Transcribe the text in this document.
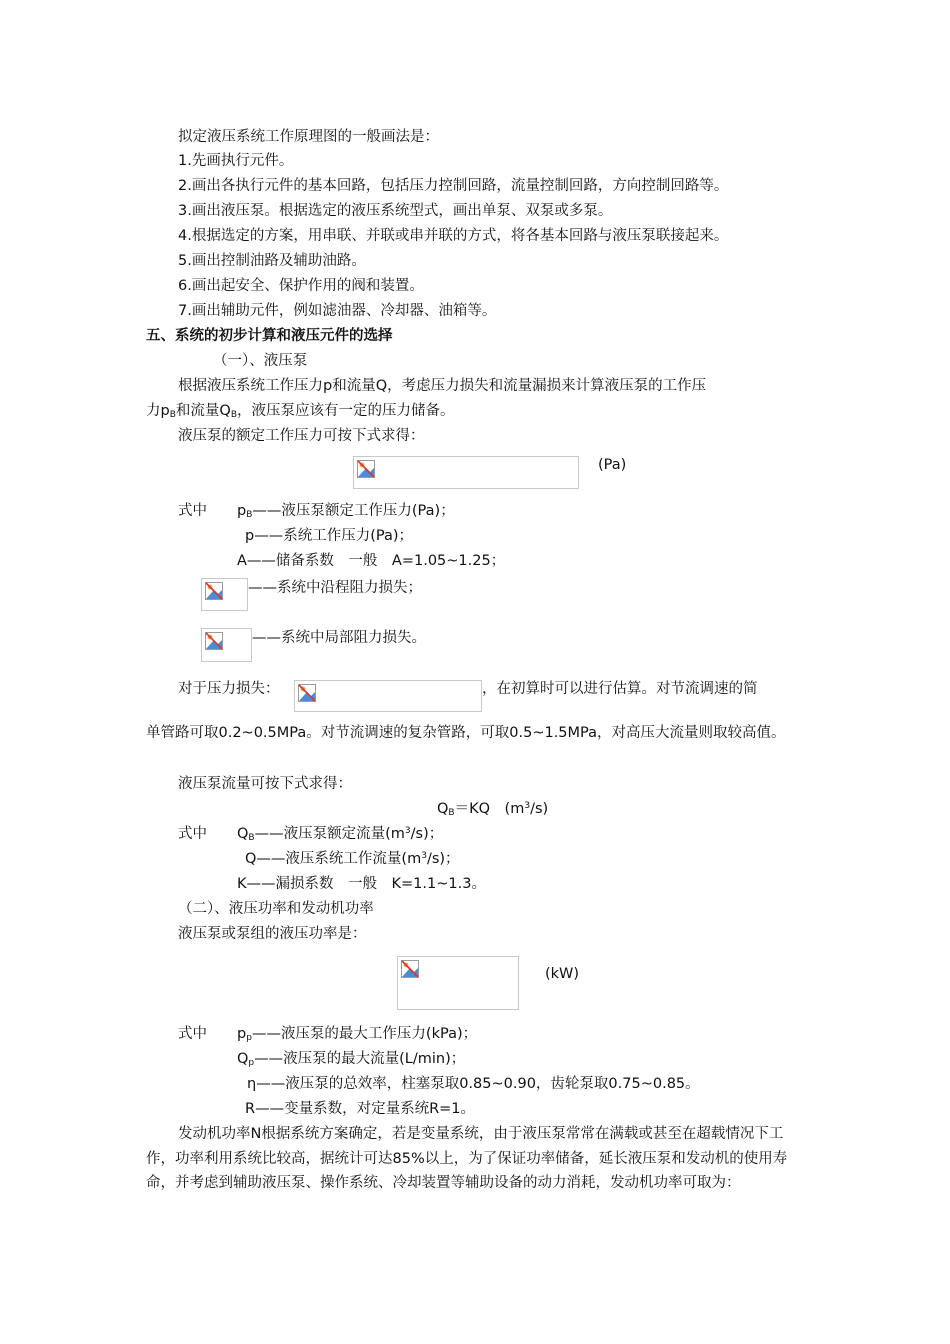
拟定液压系统工作原理图的一般画法是：
1.先画执行元件。
2.画出各执行元件的基本回路，包括压力控制回路，流量控制回路，方向控制回路等。
3.画出液压泵。根据选定的液压系统型式，画出单泵、双泵或多泵。
4.根据选定的方案，用串联、并联或串并联的方式，将各基本回路与液压泵联接起来。
5.画出控制油路及辅助油路。
6.画出起安全、保护作用的阀和装置。
7.画出辅助元件，例如滤油器、冷却器、油箱等。
五、系统的初步计算和液压元件的选择
（一）、液压泵
根据液压系统工作压力p和流量Q，考虑压力损失和流量漏损来计算液压泵的工作压
力$p_B$和流量$Q_B$，液压泵应该有一定的压力储备。
液压泵的额定工作压力可按下式求得：
(Pa)
式中 $p_B——$液压泵额定工作压力(Pa)；
p——系统工作压力(Pa)；
A——储备系数　一般　A=1.05~1.25；
——系统中沿程阻力损失；
——系统中局部阻力损失。
对于压力损失：	，在初算时可以进行估算。对节流调速的简
单管路可取0.2~0.5MPa。对节流调速的复杂管路，可取0.5~1.5MPa，对高压大流量则取较高值。
液压泵流量可按下式求得：
$Q_B=KQ$　$(m^3/s)$
式中 $Q_B——$液压泵额定流量$(m^3/s)$；
Q——液压系统工作流量$(m^3/s)$；
K——漏损系数　一般　K=1.1~1.3。
（二）、液压功率和发动机功率
液压泵或泵组的液压功率是：
(kW)
式中 $p_p——$液压泵的最大工作压力(kPa)；
$Q_p——$液压泵的最大流量(L/min)；
η——液压泵的总效率，柱塞泵取0.85~0.90，齿轮泵取0.75~0.85。
R——变量系数，对定量系统R=1。
发动机功率N根据系统方案确定，若是变量系统，由于液压泵常常在满载或甚至在超载情况下工作，功率利用系统比较高，据统计可达85%以上，为了保证功率储备，延长液压泵和发动机的使用寿命，并考虑到辅助液压泵、操作系统、冷却装置等辅助设备的动力消耗，发动机功率可取为：
